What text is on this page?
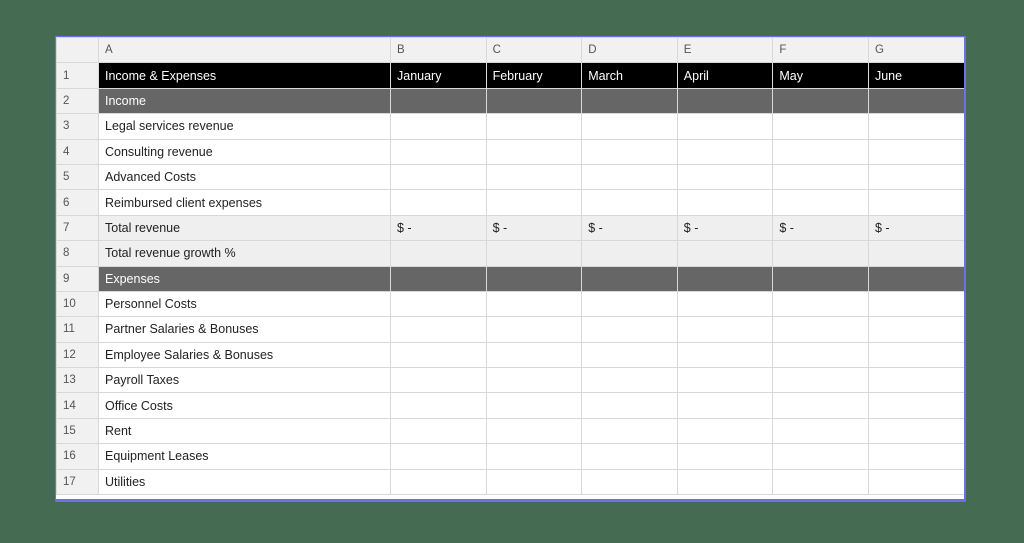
	A	B	C	D	E	F	G
1	Income & Expenses	January	February	March	April	May	June
2	Income						
3	Legal services revenue						
4	Consulting revenue						
5	Advanced Costs						
6	Reimbursed client expenses						
7	Total revenue	$ -	$ -	$ -	$ -	$ -	$ -
8	Total revenue growth %						
9	Expenses						
10	Personnel Costs						
11	Partner Salaries & Bonuses						
12	Employee Salaries & Bonuses						
13	Payroll Taxes						
14	Office Costs						
15	Rent						
16	Equipment Leases						
17	Utilities						
